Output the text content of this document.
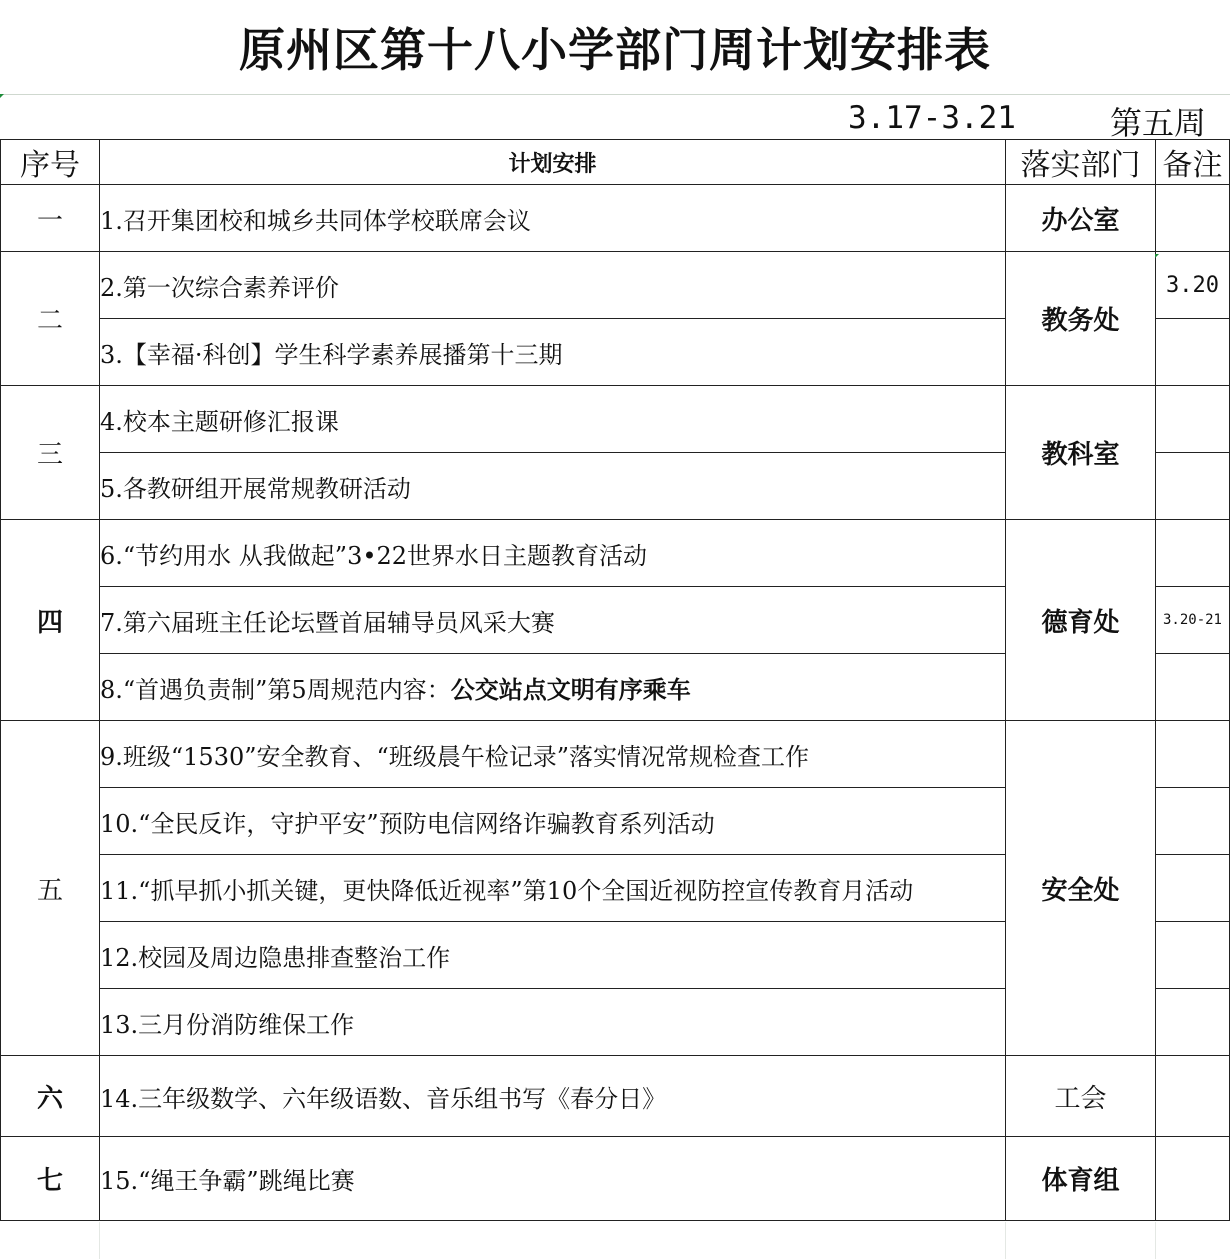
原州区第十八小学部门周计划安排表
3.17-3.21	第五周
序号	计划安排	落实部门	备注
一	1.召开集团校和城乡共同体学校联席会议	办公室	
二	2.第一次综合素养评价	教务处	3.20
	3.【幸福·科创】学生科学素养展播第十三期		
三	4.校本主题研修汇报课	教科室	
	5.各教研组开展常规教研活动		
四	6.“节约用水 从我做起”3•22世界水日主题教育活动	德育处	
	7.第六届班主任论坛暨首届辅导员风采大赛		3.20-21
	8.“首遇负责制”第5周规范内容：公交站点文明有序乘车		
五	9.班级“1530”安全教育、“班级晨午检记录”落实情况常规检查工作	安全处	
	10.“全民反诈，守护平安”预防电信网络诈骗教育系列活动		
	11.“抓早抓小抓关键，更快降低近视率”第10个全国近视防控宣传教育月活动		
	12.校园及周边隐患排查整治工作		
	13.三月份消防维保工作		
六	14.三年级数学、六年级语数、音乐组书写《春分日》	工会	
七	15.“绳王争霸”跳绳比赛	体育组	
